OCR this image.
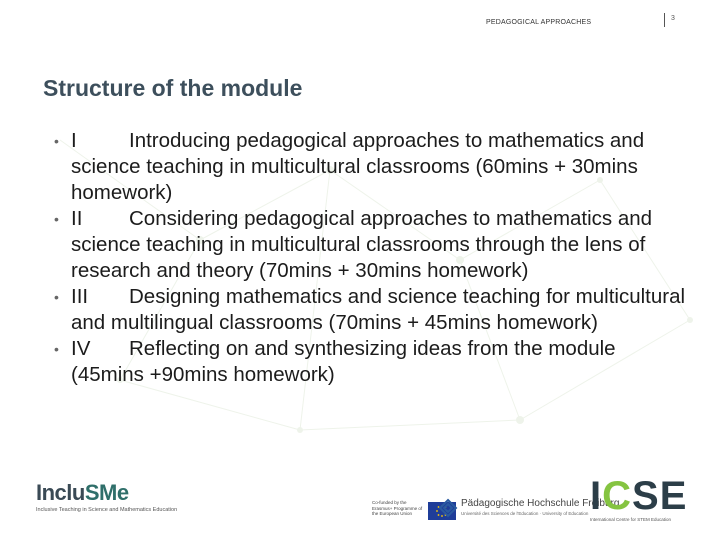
PEDAGOGICAL APPROACHES
3
Structure of the module
• I	Introducing pedagogical approaches to mathematics and science teaching in multicultural classrooms (60mins + 30mins homework)
• II Considering pedagogical approaches to mathematics and science teaching in multicultural classrooms through the lens of research and theory (70mins + 30mins homework)
• III Designing mathematics and science teaching for multicultural and multilingual classrooms (70mins + 45mins homework)
• IV Reflecting on and synthesizing ideas from the module (45mins +90mins homework)
IncluSMe
Inclusive Teaching in Science and Mathematics Education
Co-funded by the Erasmus+ Programme of the European Union
Pädagogische Hochschule Freiburg
Université des Sciences de l'Education · University of Education ICSE
International Centre for STEM Education
